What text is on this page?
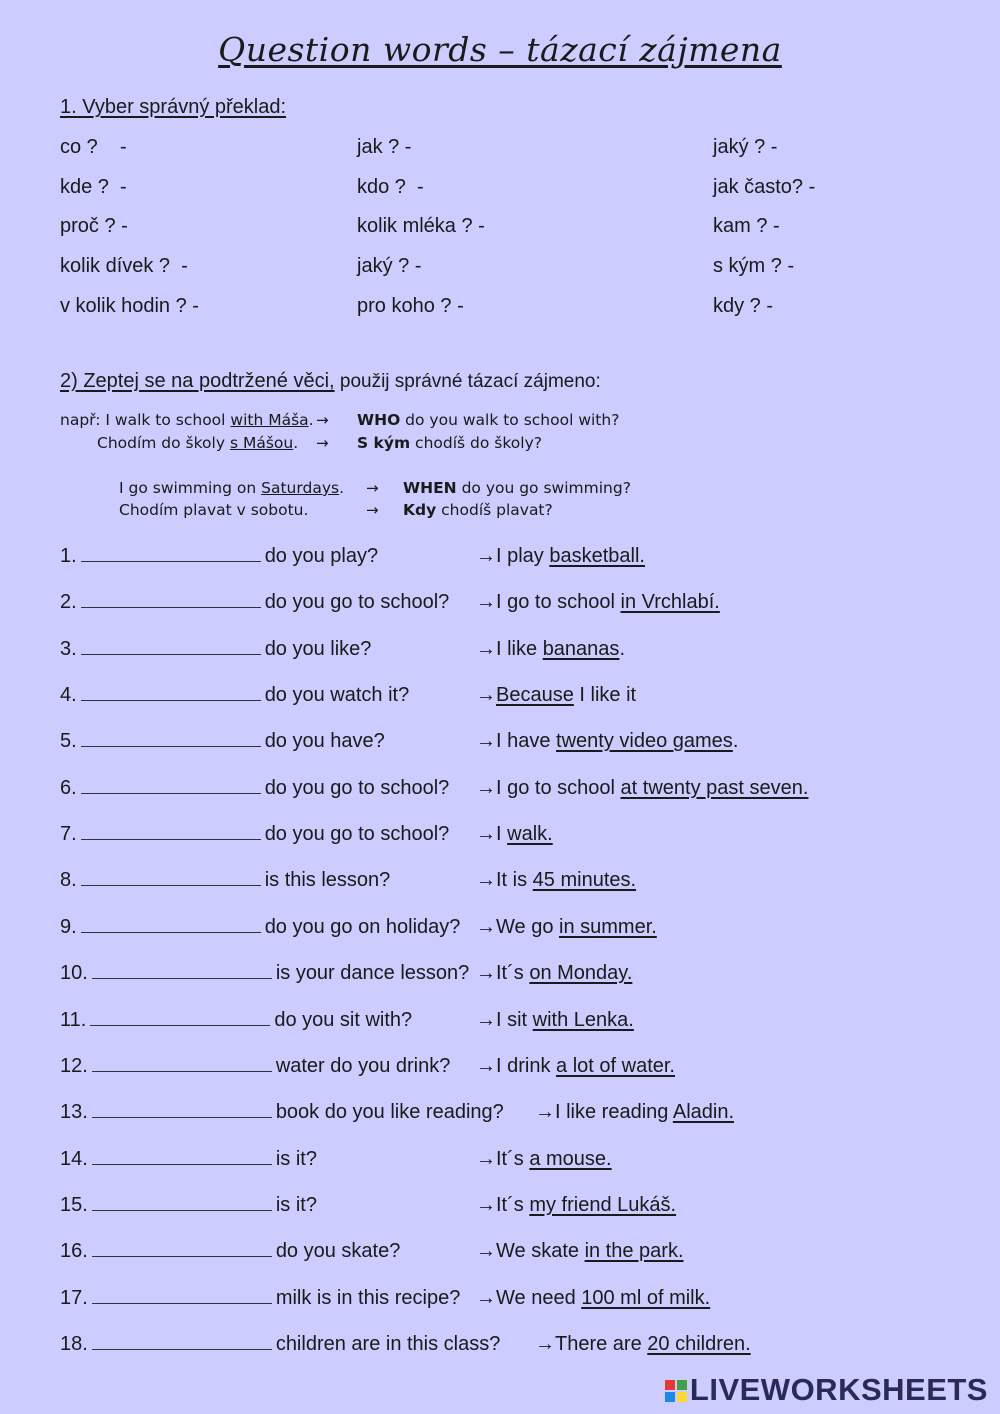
Question words – tázací zájmena
1. Vyber správný překlad:
co ?    -	jak ? -	jaký ? -
kde ?  -	kdo ?  -	jak často? -
proč ? -	kolik mléka ? -	kam ? -
kolik dívek ?  -	jaký ? -	s kým ? -
v kolik hodin ? -	pro koho ? -	kdy ? -
2) Zeptej se na podtržené věci, použij správné tázací zájmeno:
např: I walk to school with Máša. → WHO do you walk to school with?
Chodím do školy s Mášou. → S kým chodíš do školy?
I go swimming on Saturdays. → WHEN do you go swimming?
Chodím plavat v sobotu.	→ Kdy chodíš plavat?
1.	do you play?	→I play basketball.
2.	do you go to school? →I go to school in Vrchlabí.
3.	do you like?	→I like bananas.
4.	do you watch it?	→Because I like it
5.	do you have?	→I have twenty video games.
6.	do you go to school? →I go to school at twenty past seven.
7.	do you go to school? →I walk.
8.	is this lesson?	→It is 45 minutes.
9.	do you go on holiday? →We go in summer.
10.	is your dance lesson? →It´s on Monday.
11.	do you sit with?	→I sit with Lenka.
12.	water do you drink? →I drink a lot of water.
13.	book do you like reading? →I like reading Aladin.
14.	is it?	→It´s a mouse.
15.	is it?	→It´s my friend Lukáš.
16.	do you skate?	→We skate in the park.
17.	milk is in this recipe? →We need 100 ml of milk.
18.	children are in this class? →There are 20 children.
LIVEWORKSHEETS
